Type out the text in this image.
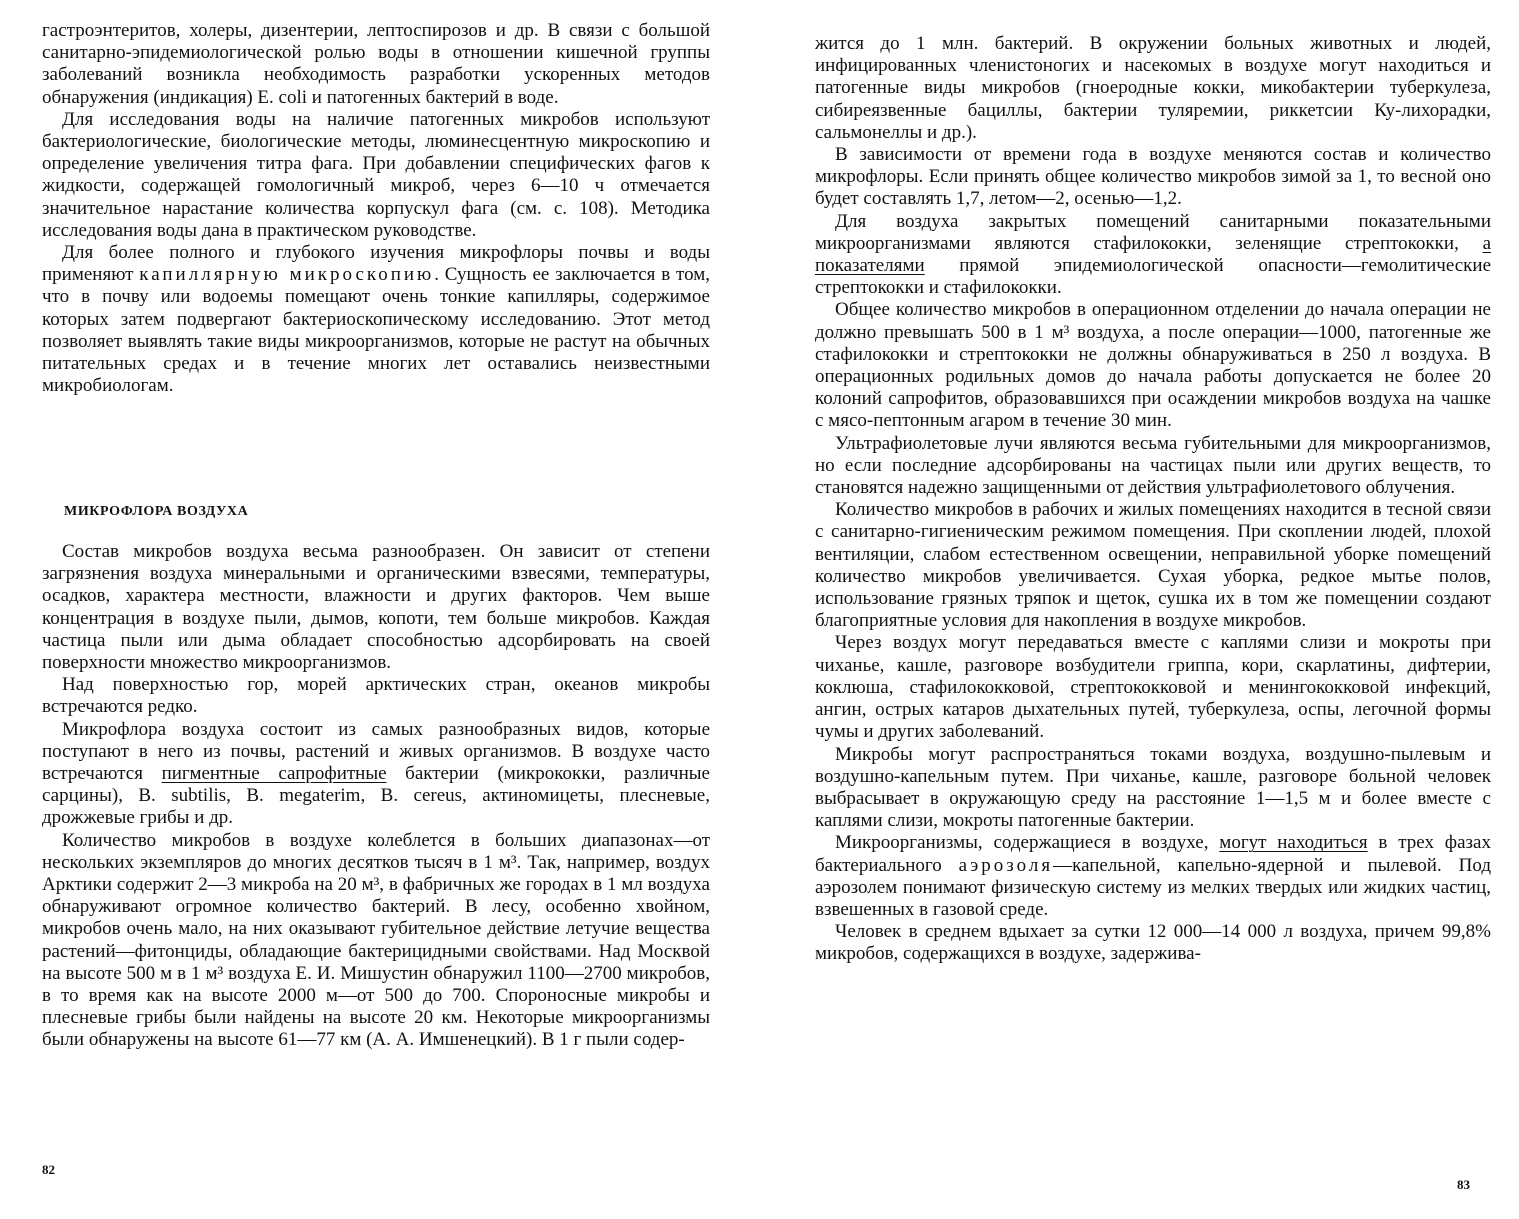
гастроэнтеритов, холеры, дизентерии, лептоспирозов и др. В связи с большой санитарно-эпидемиологической ролью воды в отношении кишечной группы заболеваний возникла необходимость разработки ускоренных методов обнаружения (индикация) E. coli и патогенных бактерий в воде.

Для исследования воды на наличие патогенных микробов используют бактериологические, биологические методы, люминесцентную микроскопию и определение увеличения титра фага. При добавлении специфических фагов к жидкости, содержащей гомологичный микроб, через 6—10 ч отмечается значительное нарастание количества корпускул фага (см. с. 108). Методика исследования воды дана в практическом руководстве.

Для более полного и глубокого изучения микрофлоры почвы и воды применяют капиллярную микроскопию. Сущность ее заключается в том, что в почву или водоемы помещают очень тонкие капилляры, содержимое которых затем подвергают бактериоскопическому исследованию. Этот метод позволяет выявлять такие виды микроорганизмов, которые не растут на обычных питательных средах и в течение многих лет оставались неизвестными микробиологам.

МИКРОФЛОРА ВОЗДУХА

Состав микробов воздуха весьма разнообразен. Он зависит от степени загрязнения воздуха минеральными и органическими взвесями, температуры, осадков, характера местности, влажности и других факторов. Чем выше концентрация в воздухе пыли, дымов, копоти, тем больше микробов. Каждая частица пыли или дыма обладает способностью адсорбировать на своей поверхности множество микроорганизмов.

Над поверхностью гор, морей арктических стран, океанов микробы встречаются редко.

Микрофлора воздуха состоит из самых разнообразных видов, которые поступают в него из почвы, растений и живых организмов. В воздухе часто встречаются пигментные сапрофитные бактерии (микрококки, различные сарцины), B. subtilis, B. megaterim, B. cereus, актиномицеты, плесневые, дрожжевые грибы и др.

Количество микробов в воздухе колеблется в больших диапазонах—от нескольких экземпляров до многих десятков тысяч в 1 м³. Так, например, воздух Арктики содержит 2—3 микроба на 20 м³, в фабричных же городах в 1 мл воздуха обнаруживают огромное количество бактерий. В лесу, особенно хвойном, микробов очень мало, на них оказывают губительное действие летучие вещества растений—фитонциды, обладающие бактерицидными свойствами. Над Москвой на высоте 500 м в 1 м³ воздуха Е. И. Мишустин обнаружил 1100—2700 микробов, в то время как на высоте 2000 м—от 500 до 700. Спороносные микробы и плесневые грибы были найдены на высоте 20 км. Некоторые микроорганизмы были обнаружены на высоте 61—77 км (А. А. Имшенецкий). В 1 г пыли содер-

82

жится до 1 млн. бактерий. В окружении больных животных и людей, инфицированных членистоногих и насекомых в воздухе могут находиться и патогенные виды микробов (гноеродные кокки, микобактерии туберкулеза, сибиреязвенные бациллы, бактерии туляремии, риккетсии Ку-лихорадки, сальмонеллы и др.).

В зависимости от времени года в воздухе меняются состав и количество микрофлоры. Если принять общее количество микробов зимой за 1, то весной оно будет составлять 1,7, летом—2, осенью—1,2.

Для воздуха закрытых помещений санитарными показательными микроорганизмами являются стафилококки, зеленящие стрептококки, а показателями прямой эпидемиологической опасности—гемолитические стрептококки и стафилококки.

Общее количество микробов в операционном отделении до начала операции не должно превышать 500 в 1 м³ воздуха, а после операции—1000, патогенные же стафилококки и стрептококки не должны обнаруживаться в 250 л воздуха. В операционных родильных домов до начала работы допускается не более 20 колоний сапрофитов, образовавшихся при осаждении микробов воздуха на чашке с мясо-пептонным агаром в течение 30 мин.

Ультрафиолетовые лучи являются весьма губительными для микроорганизмов, но если последние адсорбированы на частицах пыли или других веществ, то становятся надежно защищенными от действия ультрафиолетового облучения.

Количество микробов в рабочих и жилых помещениях находится в тесной связи с санитарно-гигиеническим режимом помещения. При скоплении людей, плохой вентиляции, слабом естественном освещении, неправильной уборке помещений количество микробов увеличивается. Сухая уборка, редкое мытье полов, использование грязных тряпок и щеток, сушка их в том же помещении создают благоприятные условия для накопления в воздухе микробов.

Через воздух могут передаваться вместе с каплями слизи и мокроты при чиханье, кашле, разговоре возбудители гриппа, кори, скарлатины, дифтерии, коклюша, стафилококковой, стрептококковой и менингококковой инфекций, ангин, острых катаров дыхательных путей, туберкулеза, оспы, легочной формы чумы и других заболеваний.

Микробы могут распространяться токами воздуха, воздушно-пылевым и воздушно-капельным путем. При чиханье, кашле, разговоре больной человек выбрасывает в окружающую среду на расстояние 1—1,5 м и более вместе с каплями слизи, мокроты патогенные бактерии.

Микроорганизмы, содержащиеся в воздухе, могут находиться в трех фазах бактериального аэрозоля—капельной, капельно-ядерной и пылевой. Под аэрозолем понимают физическую систему из мелких твердых или жидких частиц, взвешенных в газовой среде.

Человек в среднем вдыхает за сутки 12 000—14 000 л воздуха, причем 99,8% микробов, содержащихся в воздухе, задержива-

83
